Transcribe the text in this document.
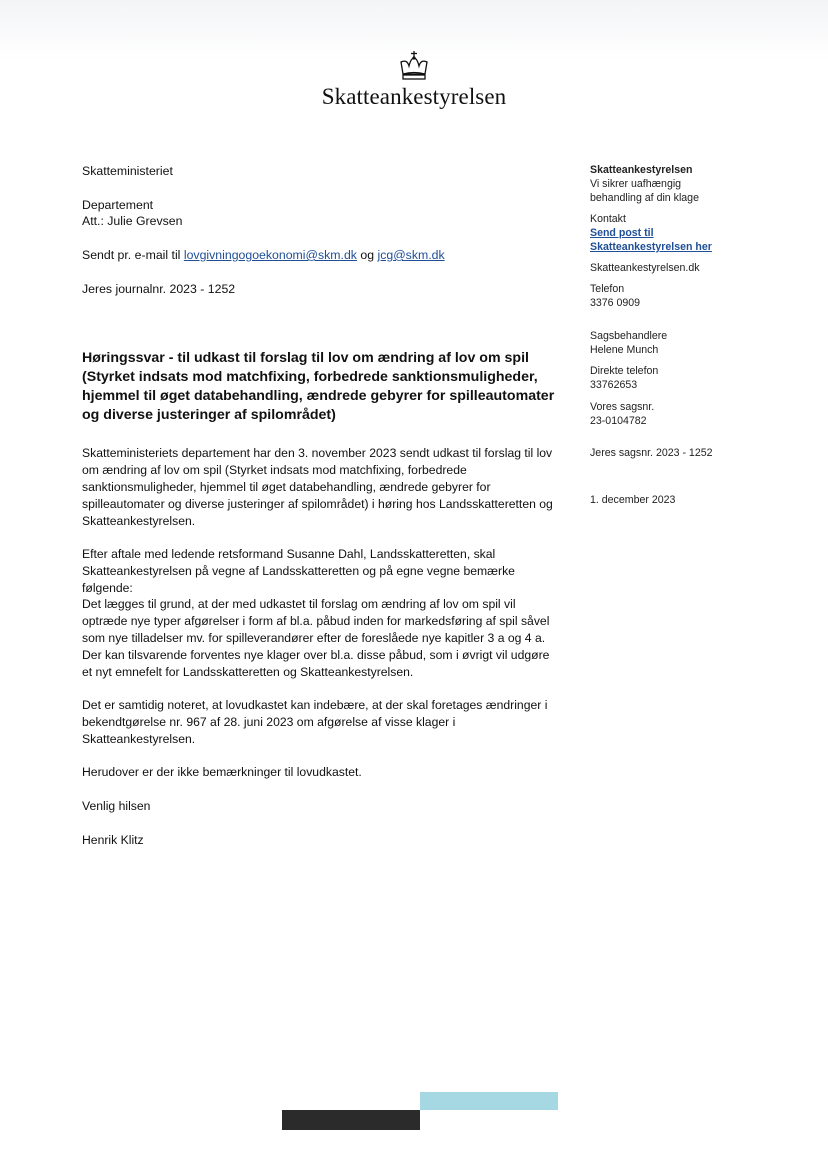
Skatteankestyrelsen
Skatteministeriet
Departement
Att.: Julie Grevsen
Sendt pr. e-mail til lovgivningogoekonomi@skm.dk og jcg@skm.dk
Jeres journalnr. 2023 - 1252
Skatteankestyrelsen
Vi sikrer uafhængig
behandling af din klage
Kontakt
Send post til
Skatteankestyrelsen her
Skatteankestyrelsen.dk
Telefon
3376 0909
Sagsbehandlere
Helene Munch
Direkte telefon
33762653
Vores sagsnr.
23-0104782
Jeres sagsnr. 2023 - 1252
1. december 2023
Høringssvar - til udkast til forslag til lov om ændring af lov om spil (Styrket indsats mod matchfixing, forbedrede sanktionsmuligheder, hjemmel til øget databehandling, ændrede gebyrer for spilleautomater og diverse justeringer af spilområdet)
Skatteministeriets departement har den 3. november 2023 sendt udkast til forslag til lov om ændring af lov om spil (Styrket indsats mod matchfixing, forbedrede sanktionsmuligheder, hjemmel til øget databehandling, ændrede gebyrer for spilleautomater og diverse justeringer af spilområdet) i høring hos Landsskatteretten og Skatteankestyrelsen.
Efter aftale med ledende retsformand Susanne Dahl, Landsskatteretten, skal Skatteankestyrelsen på vegne af Landsskatteretten og på egne vegne bemærke følgende:
Det lægges til grund, at der med udkastet til forslag om ændring af lov om spil vil optræde nye typer afgørelser i form af bl.a. påbud inden for markedsføring af spil såvel som nye tilladelser mv. for spilleverandører efter de foreslåede nye kapitler 3 a og 4 a. Der kan tilsvarende forventes nye klager over bl.a. disse påbud, som i øvrigt vil udgøre et nyt emnefelt for Landsskatteretten og Skatteankestyrelsen.
Det er samtidig noteret, at lovudkastet kan indebære, at der skal foretages ændringer i bekendtgørelse nr. 967 af 28. juni 2023 om afgørelse af visse klager i Skatteankestyrelsen.
Herudover er der ikke bemærkninger til lovudkastet.
Venlig hilsen
Henrik Klitz
